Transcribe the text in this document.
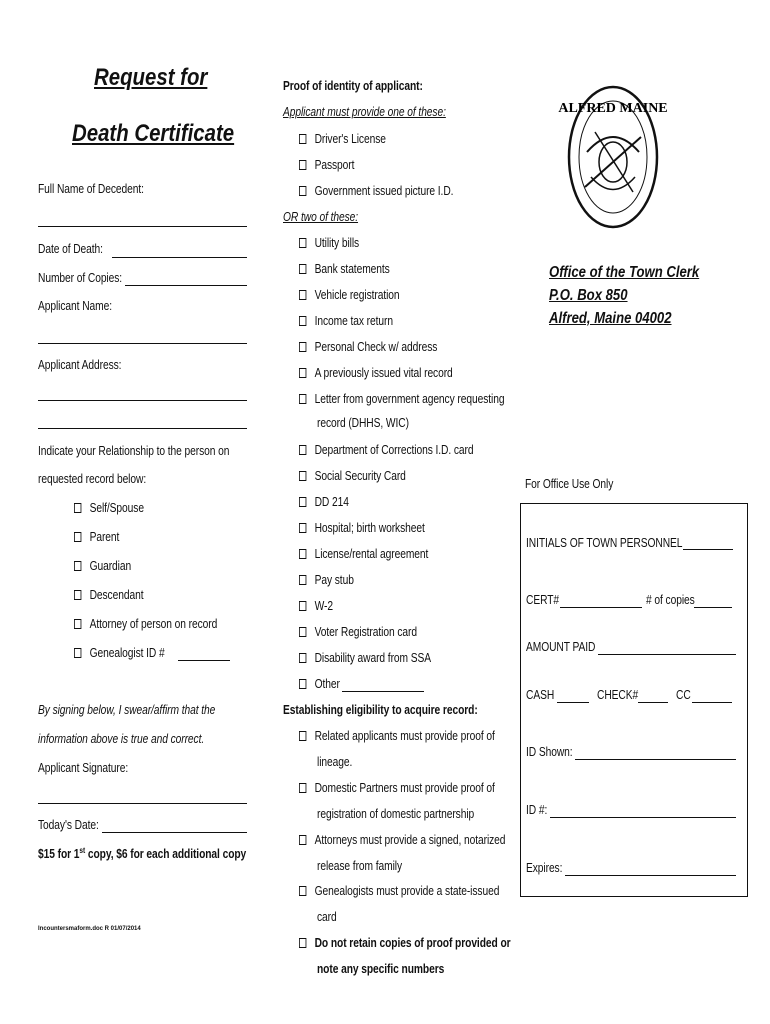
Request for
Death Certificate
Full Name of Decedent:
Date of Death:
Number of Copies:
Applicant Name:
Applicant Address:
Indicate your Relationship to the person on
requested record below:
Self/Spouse
Parent
Guardian
Descendant
Attorney of person on record
Genealogist ID #
By signing below, I swear/affirm that the
information above is true and correct.
Applicant Signature:
Today's Date:
$15 for 1st copy, $6 for each additional copy
Incountersmaform.doc R 01/07/2014
Proof of identity of applicant:
Applicant must provide one of these:
OR two of these:
Driver's License
Passport
Government issued picture I.D.
Utility bills
Bank statements
Vehicle registration
Income tax return
Personal Check w/ address
A previously issued vital record
Letter from government agency requesting
record (DHHS, WIC)
Department of Corrections I.D. card
Social Security Card
DD 214
Hospital; birth worksheet
License/rental agreement
Pay stub
W-2
Voter Registration card
Disability award from SSA
Other
Establishing eligibility to acquire record:
Related applicants must provide proof of
lineage.
Domestic Partners must provide proof of
registration of domestic partnership
Attorneys must provide a signed, notarized
release from family
Genealogists must provide a state-issued
card
Do not retain copies of proof provided or
note any specific numbers
ALFRED MAINE
Office of the Town Clerk
P.O. Box 850
Alfred, Maine 04002
For Office Use Only
INITIALS OF TOWN PERSONNEL
CERT#	# of copies
AMOUNT PAID
CASH	CHECK#	CC
ID Shown:
ID #:
Expires:
